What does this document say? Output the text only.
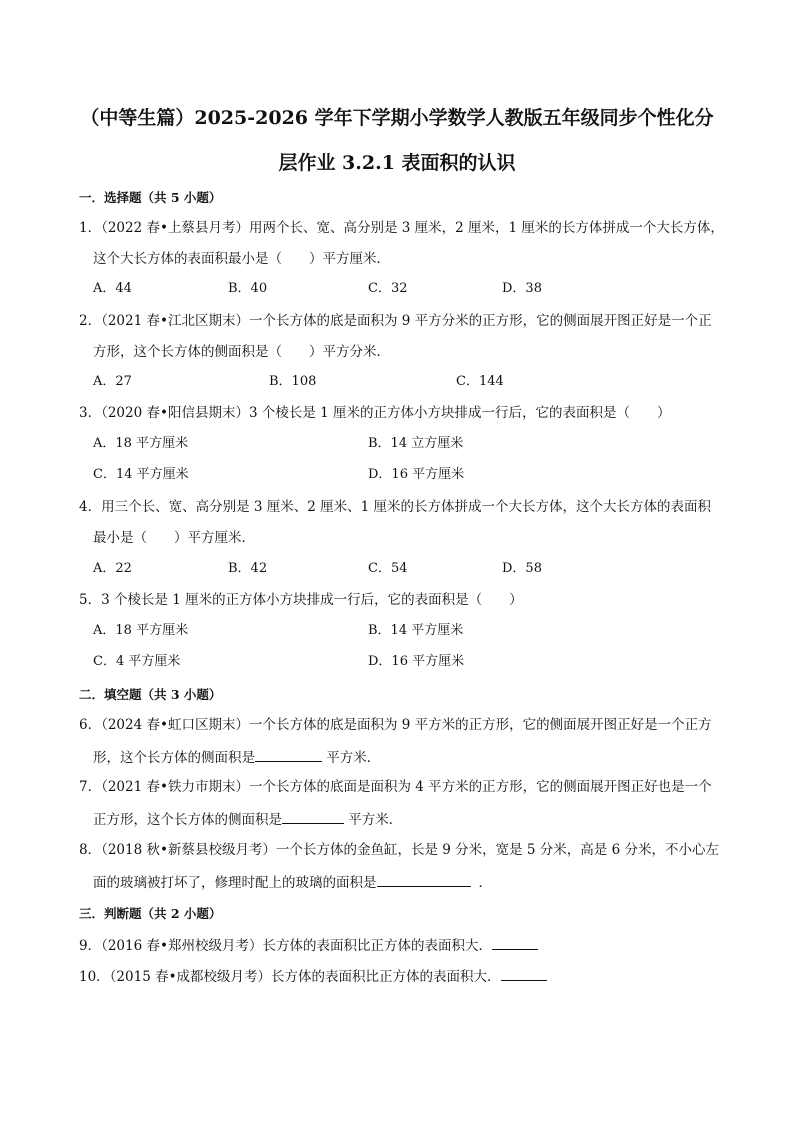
（中等生篇）2025-2026 学年下学期小学数学人教版五年级同步个性化分
层作业 3.2.1 表面积的认识
一．选择题（共 5 小题）
1．（2022 春•上蔡县月考）用两个长、宽、高分别是 3 厘米，2 厘米，1 厘米的长方体拼成一个大长方体，
这个大长方体的表面积最小是（　　）平方厘米．
A．44	B．40	C．32	D．38
2．（2021 春•江北区期末）一个长方体的底是面积为 9 平方分米的正方形，它的侧面展开图正好是一个正
方形，这个长方体的侧面积是（　　）平方分米．
A．27	B．108	C．144
3．（2020 春•阳信县期末）3 个棱长是 1 厘米的正方体小方块排成一行后，它的表面积是（　　）
A．18 平方厘米	B．14 立方厘米
C．14 平方厘米	D．16 平方厘米
4．用三个长、宽、高分别是 3 厘米、2 厘米、1 厘米的长方体拼成一个大长方体，这个大长方体的表面积
最小是（　　）平方厘米．
A．22	B．42	C．54	D．58
5．3 个棱长是 1 厘米的正方体小方块排成一行后，它的表面积是（　　）
A．18 平方厘米	B．14 平方厘米
C．4 平方厘米	D．16 平方厘米
二．填空题（共 3 小题）
6．（2024 春•虹口区期末）一个长方体的底是面积为 9 平方米的正方形，它的侧面展开图正好是一个正方
形，这个长方体的侧面积是	平方米．
7．（2021 春•铁力市期末）一个长方体的底面是面积为 4 平方米的正方形，它的侧面展开图正好也是一个
正方形，这个长方体的侧面积是	平方米．
8．（2018 秋•新蔡县校级月考）一个长方体的金鱼缸，长是 9 分米，宽是 5 分米，高是 6 分米，不小心左
面的玻璃被打坏了，修理时配上的玻璃的面积是	．
三．判断题（共 2 小题）
9．（2016 春•郑州校级月考）长方体的表面积比正方体的表面积大．
10．（2015 春•成都校级月考）长方体的表面积比正方体的表面积大．
